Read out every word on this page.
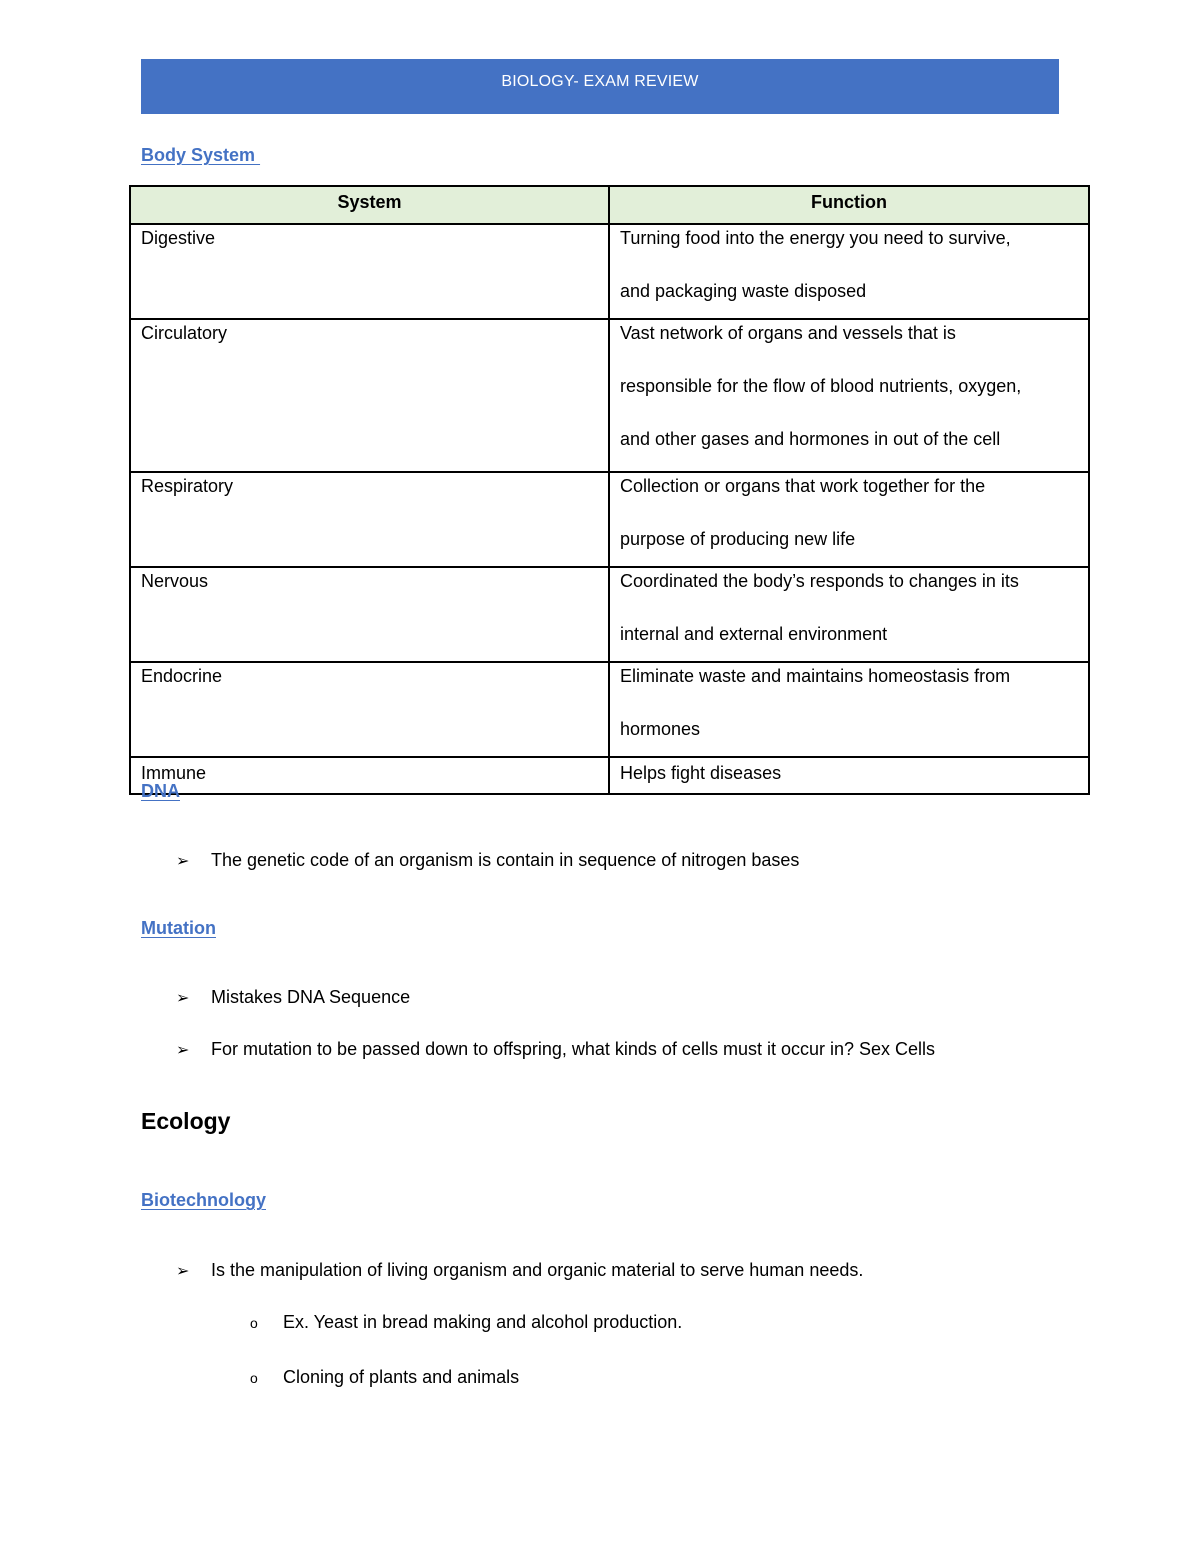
BIOLOGY- EXAM REVIEW
Body System
System	Function

Digestive	Turning food into the energy you need to survive,
and packaging waste disposed

Circulatory	Vast network of organs and vessels that is
responsible for the flow of blood nutrients, oxygen,
and other gases and hormones in out of the cell

Respiratory	Collection or organs that work together for the
purpose of producing new life

Nervous	Coordinated the body’s responds to changes in its
internal and external environment

Endocrine	Eliminate waste and maintains homeostasis from
hormones

Immune	Helps fight diseases
DNA
➢ The genetic code of an organism is contain in sequence of nitrogen bases
Mutation
➢ Mistakes DNA Sequence
➢ For mutation to be passed down to offspring, what kinds of cells must it occur in? Sex Cells
Ecology
Biotechnology
➢ Is the manipulation of living organism and organic material to serve human needs.
o Ex. Yeast in bread making and alcohol production.
o Cloning of plants and animals
